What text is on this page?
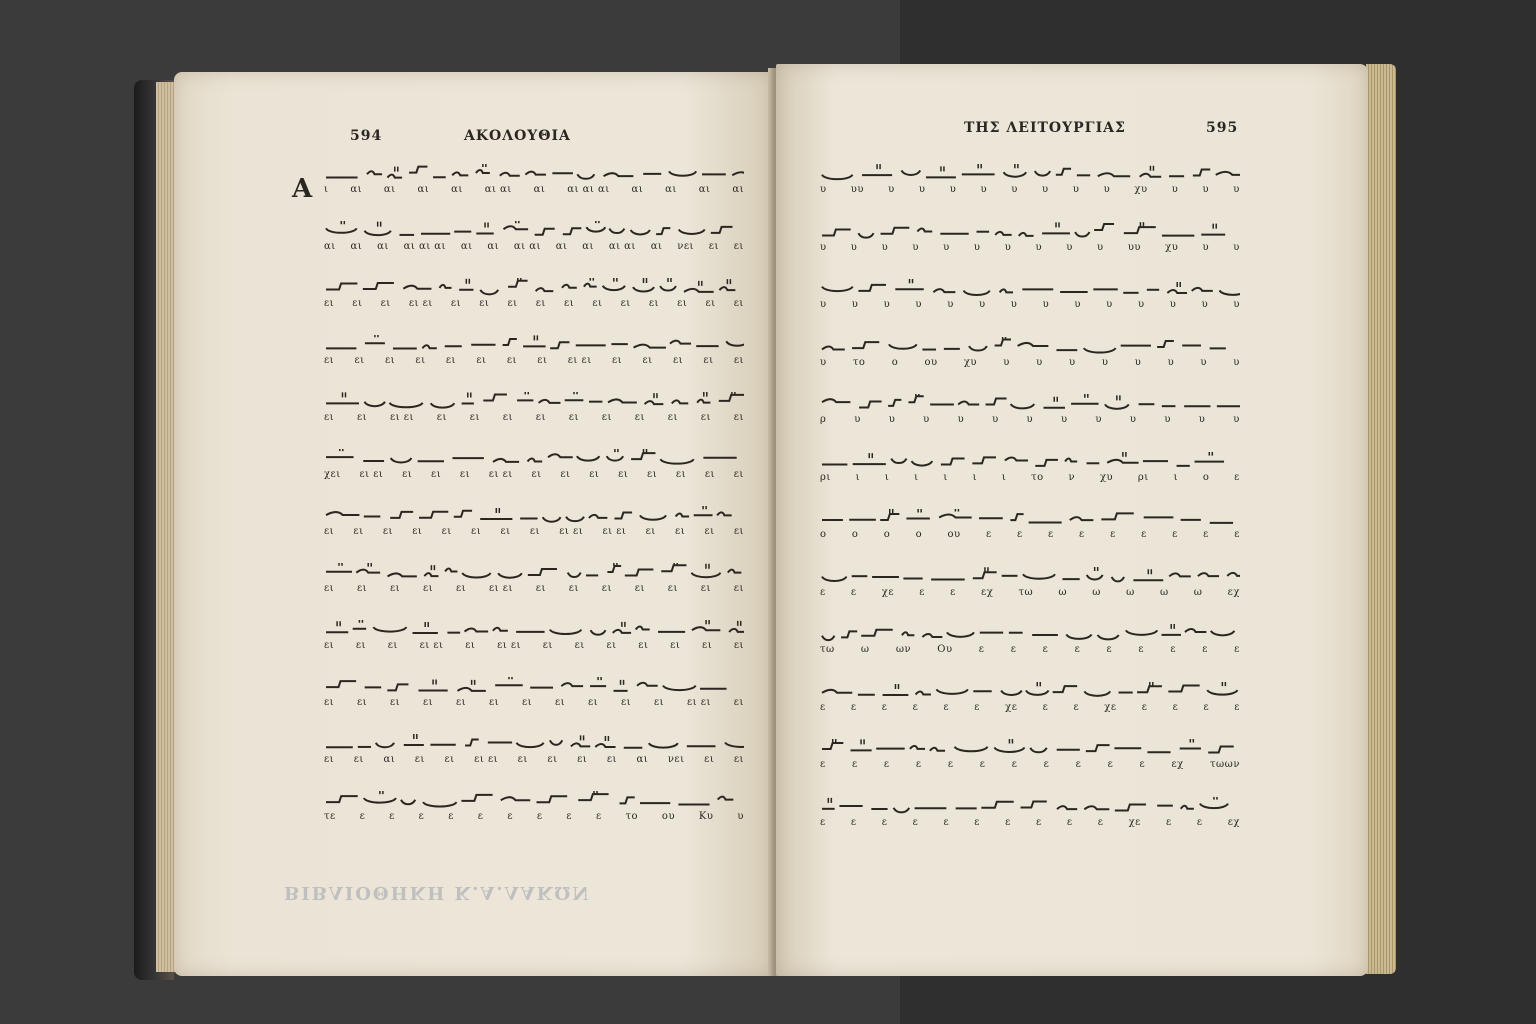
594	ΑΚΟΛΟΥΘΙΑ
Α ι αι αι αι αι αι αι αι αι αι αι αι αι αι αι
αι αι αι αι αι αι αι αι αι αι αι αι αι αι αι νει ει ει
ει ει ει ει ει ει ει ει ει ει ει ει ει ει ει ει
ει ει ει ει ει ει ει ει ει ει ει ει ει ει ει
ει ει ει ει ει ει ει ει ει ει ει ει ει ει
χει ει ει ει ει ει ει ει ει ει ει ει ει ει ει ει
ει ει ει ει ει ει ει ει ει ει ει ει ει ει ει ει
ει ει ει ει ει ει ει ει ει ει ει ει ει ει
ει ει ει ει ει ει ει ει ει ει ει ει ει ει ει
ει ει ει ει ει ει ει ει ει ει ει ει ει ει
ει ει αι ει ει ει ει ει ει ει ει αι νει ει ει
τε ε ε ε ε ε ε ε ε ε το ου Κυ υ
ΒΙΒΛΙΟΘΗΚΗ Κ.Α.ΛΑΚΩΝ
ΤΗΣ ΛΕΙΤΟΥΡΓΙΑΣ	595
υ υυ υ υ υ υ υ υ υ υ χυ υ υ υ
υ υ υ υ υ υ υ υ υ υ υυ χυ υ υ
υ	υ	υ	υ	υ	υ	υ	υ	υ	υ	υ	υ	υ	υ
υ	το	ο	ου	χυ	υ	υ	υ	υ	υ	υ	υ	υ
ρ	υ	υ	υ	υ	υ	υ	υ	υ	υ	υ	υ	υ
ρι ι ι ι ι ι ι το ν χυ ρι ι ο ε
ο	ο	ο	ο	ου	ε	ε	ε	ε	ε	ε	ε	ε	ε
ε	ε	χε	ε	ε	εχ	τω	ω	ω	ω	ω	ω	εχ
τω	ω	ων	Ου	ε	ε	ε	ε	ε	ε	ε	ε	ε
ε	ε	ε	ε	ε	ε	χε	ε	ε	χε	ε	ε	ε	ε
ε	ε	ε	ε	ε	ε	ε	ε	ε	ε	ε	εχ	τωων
ε	ε	ε	ε	ε	ε	ε	ε	ε	ε	χε	ε	ε	εχ
